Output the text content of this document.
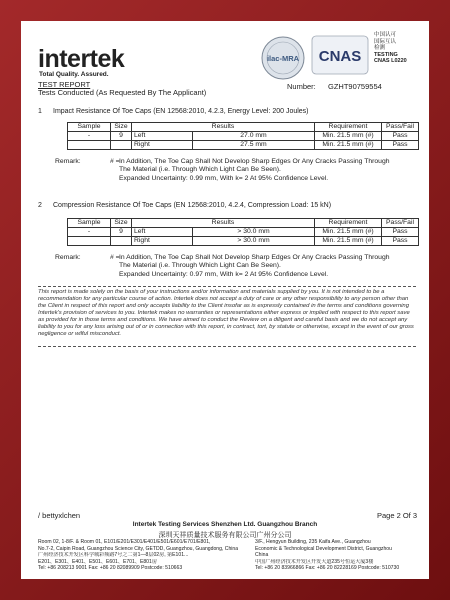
intertek
Total Quality. Assured.
TEST REPORT
Tests Conducted (As Requested By The Applicant)
Number: GZHT90759554
ilac-MRA CNAS
中国认可
国际互认
检测
TESTING
CNAS L0220
1 Impact Resistance Of Toe Caps (EN 12568:2010, 4.2.3, Energy Level: 200 Joules)
Sample	Size	Results		Requirement	Pass/Fail
-	9	Left	27.0 mm	Min. 21.5 mm (#)	Pass
		Right	27.5 mm	Min. 21.5 mm (#)	Pass
Remark:	# = In Addition, The Toe Cap Shall Not Develop Sharp Edges Or Any Cracks Passing Through
The Material (i.e. Through Which Light Can Be Seen).
Expanded Uncertainty: 0.99 mm, With k= 2 At 95% Confidence Level.
2 Compression Resistance Of Toe Caps (EN 12568:2010, 4.2.4, Compression Load: 15 kN)
Sample	Size	Results		Requirement	Pass/Fail
-	9	Left	> 30.0 mm	Min. 21.5 mm (#)	Pass
		Right	> 30.0 mm	Min. 21.5 mm (#)	Pass
Remark:	# = In Addition, The Toe Cap Shall Not Develop Sharp Edges Or Any Cracks Passing Through
The Material (i.e. Through Which Light Can Be Seen).
Expanded Uncertainty: 0.97 mm, With k= 2 At 95% Confidence Level.
This report is made solely on the basis of your instructions and/or information and materials supplied by you. It is not intended to be a recommendation for any particular course of action. Intertek does not accept a duty of care or any other responsibility to any person other than the Client in respect of this report and only accepts liability to the Client insofar as is expressly contained in the terms and conditions governing Intertek's provision of services to you. Intertek makes no warranties or representations either express or implied with respect to this report save as provided for in those terms and conditions. We have aimed to conduct the Review on a diligent and careful basis and we do not accept any liability to you for any loss arising out of or in connection with this report, in contract, tort, by statute or otherwise, except in the event of our gross negligence or wilful misconduct.
/ bettyxlchen	Page 2 Of 3
Intertek Testing Services Shenzhen Ltd. Guangzhou Branch
深圳天祥质量技术服务有限公司广州分公司
Room 02, 1-8/F. & Room 01, E101/E201/E301/E401/E501/E601/E701/E801,
No.7-2, Caipin Road, Guangzhou Science City, GETDD, Guangzhou, Guangdong, China
广州经济技术开发区科学城彩频路7号之二第1—8层02房, 第E101...
E201、E301、E401、E501、E601、E701、E801房
Tel: +86 208213 9001 Fax: +86 20 82089909 Postcode: 510663
3/F., Hengyun Building, 235 Kaifa Ave., Guangzhou
Economic & Technological Development District, Guangzhou
China
中国广州经济技术开发区开发大道235号恒运大厦3楼
Tel: +86 20 83966866 Fax: +86 20 82228169 Postcode: 510730
